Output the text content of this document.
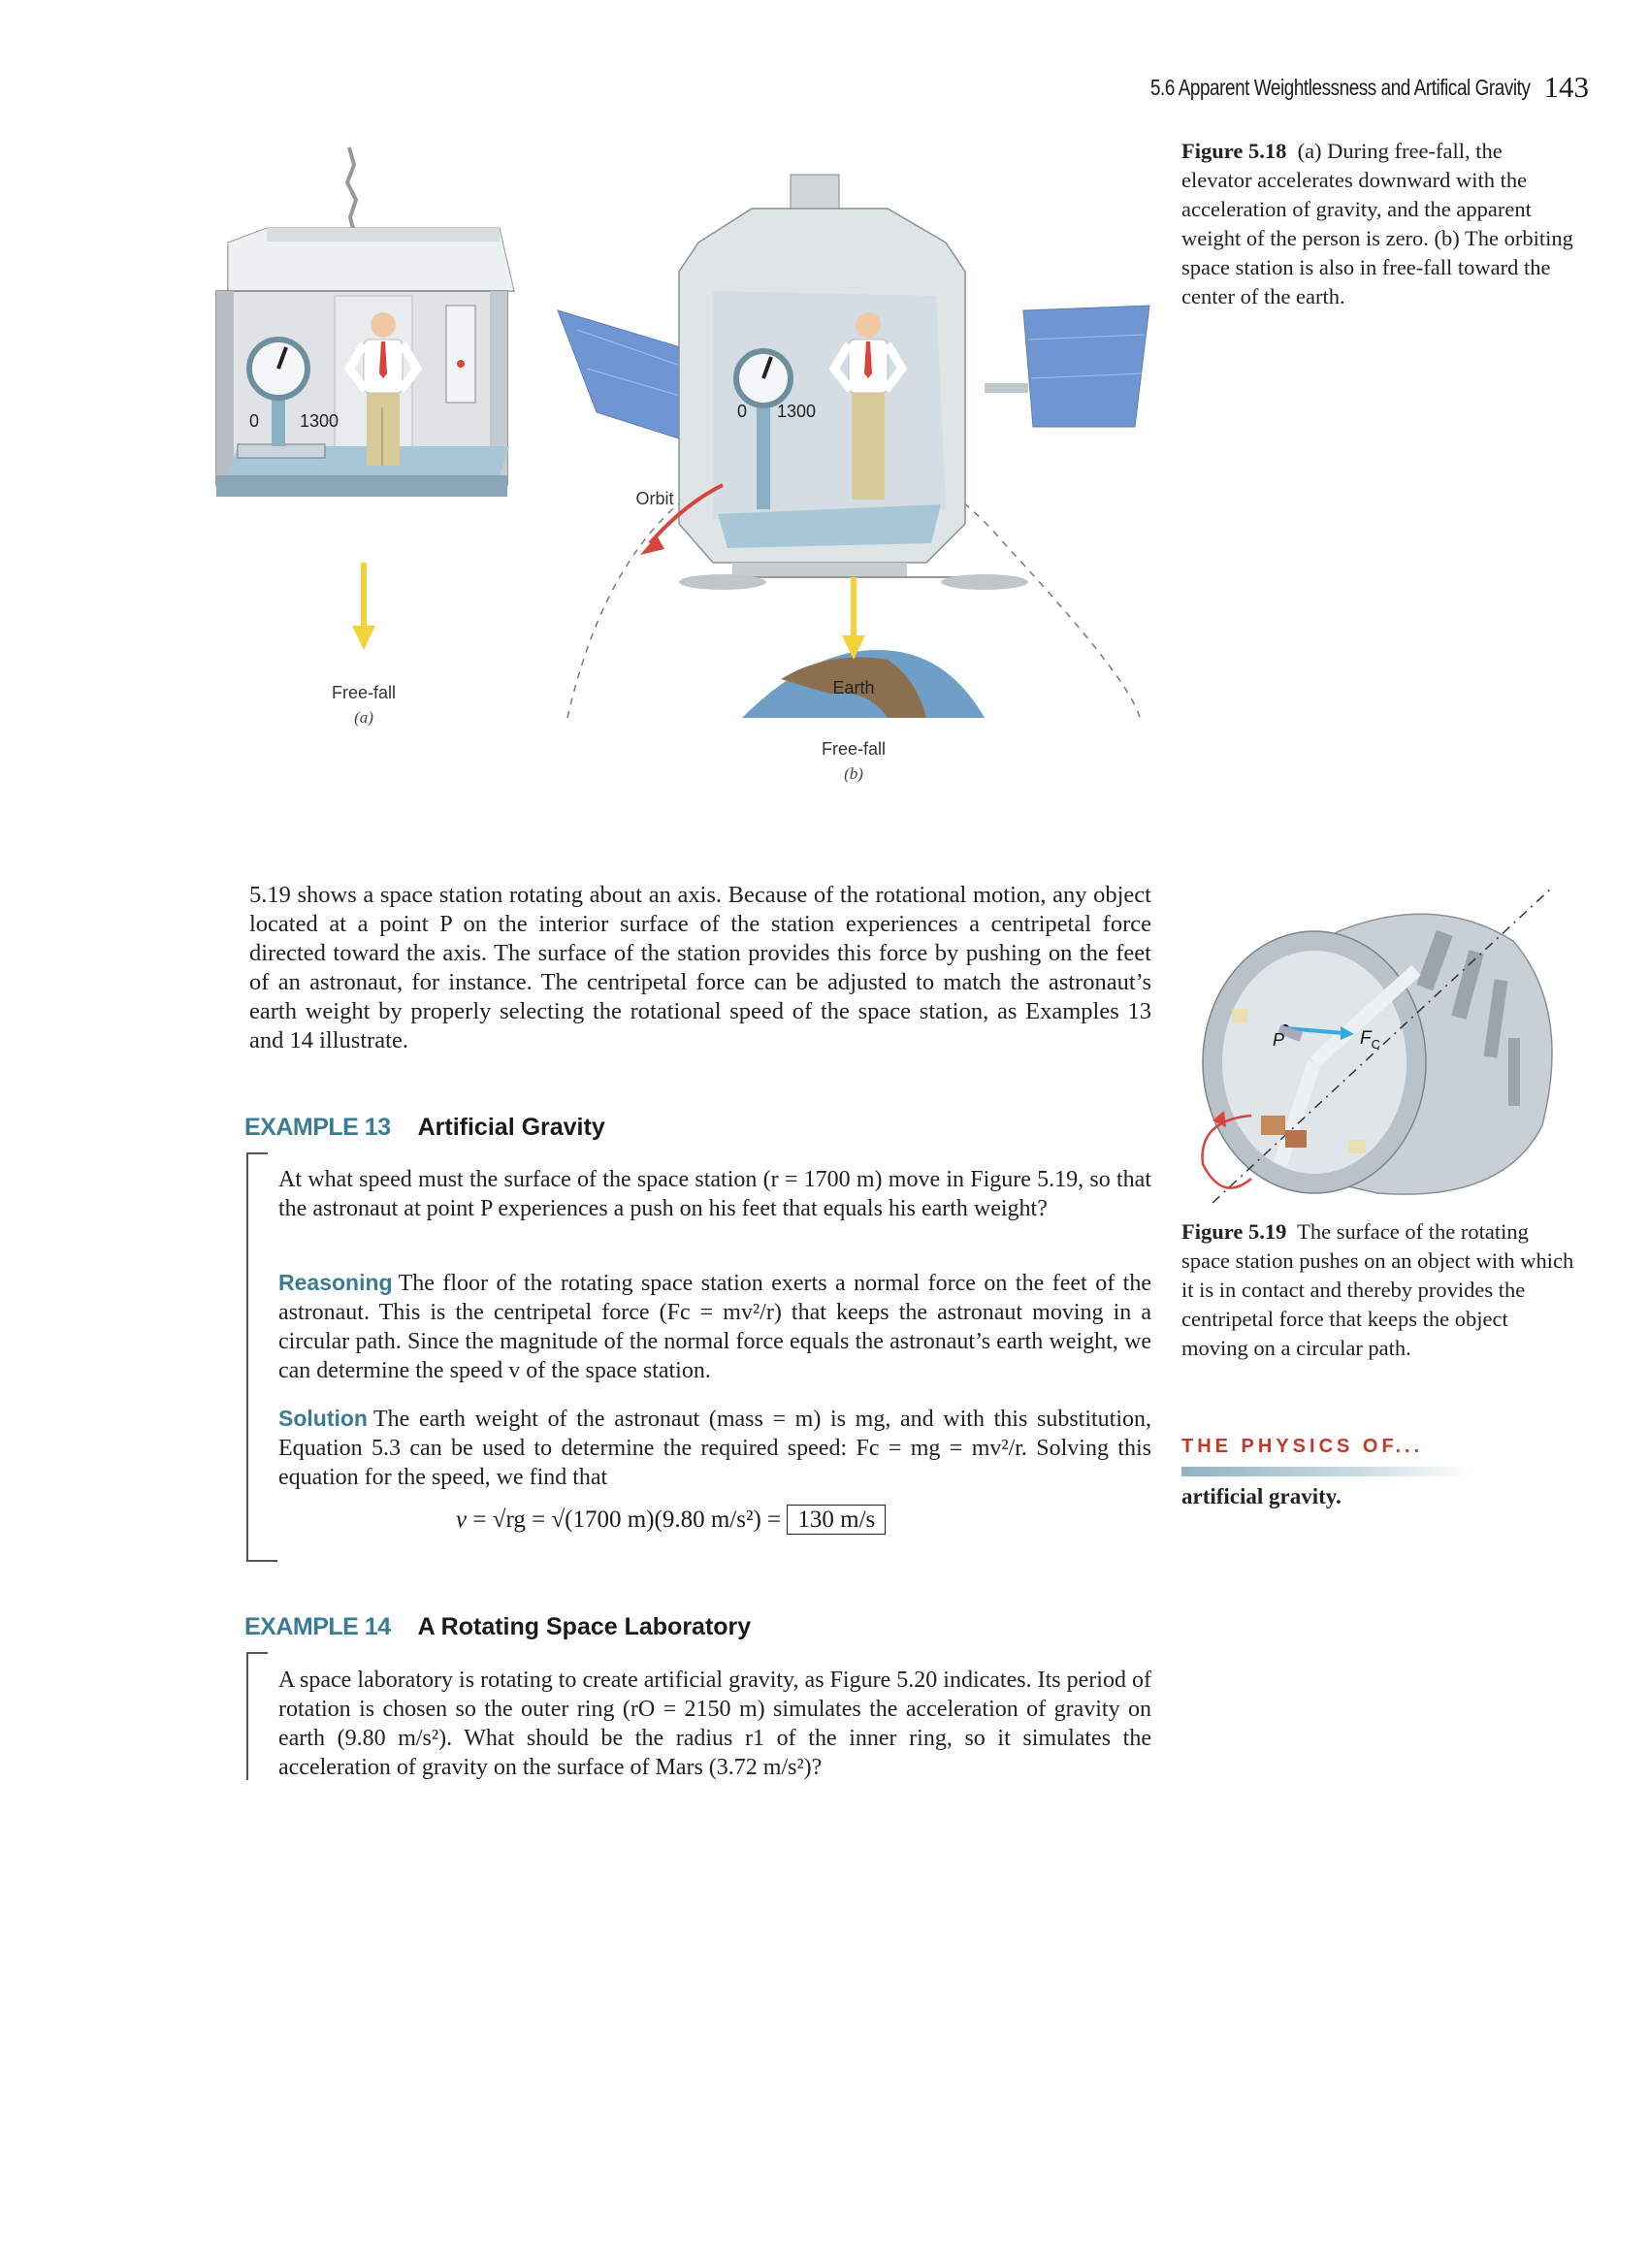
5.6 Apparent Weightlessness and Artifical Gravity 143
0 1300	0 1300
Orbit
Earth
Free-fall
(a)
Free-fall
(b)
Figure 5.18 (a) During free-fall, the elevator accelerates downward with the acceleration of gravity, and the apparent weight of the person is zero. (b) The orbiting space station is also in free-fall toward the center of the earth.
5.19 shows a space station rotating about an axis. Because of the rotational motion, any object located at a point P on the interior surface of the station experiences a centripetal force directed toward the axis. The surface of the station provides this force by pushing on the feet of an astronaut, for instance. The centripetal force can be adjusted to match the astronaut’s earth weight by properly selecting the rotational speed of the space station, as Examples 13 and 14 illustrate.
EXAMPLE 13 Artificial Gravity
At what speed must the surface of the space station (r = 1700 m) move in Figure 5.19, so that the astronaut at point P experiences a push on his feet that equals his earth weight?
Reasoning The floor of the rotating space station exerts a normal force on the feet of the astronaut. This is the centripetal force (Fc = mv²/r) that keeps the astronaut moving in a circular path. Since the magnitude of the normal force equals the astronaut’s earth weight, we can determine the speed v of the space station.
Solution The earth weight of the astronaut (mass = m) is mg, and with this substitution, Equation 5.3 can be used to determine the required speed: Fc = mg = mv²/r. Solving this equation for the speed, we find that
v = √rg = √(1700 m)(9.80 m/s²) = 130 m/s
P	$F_C$
Figure 5.19 The surface of the rotating space station pushes on an object with which it is in contact and thereby provides the centripetal force that keeps the object moving on a circular path.
THE PHYSICS OF...
artificial gravity.
EXAMPLE 14 A Rotating Space Laboratory
A space laboratory is rotating to create artificial gravity, as Figure 5.20 indicates. Its period of rotation is chosen so the outer ring (rO = 2150 m) simulates the acceleration of gravity on earth (9.80 m/s²). What should be the radius r1 of the inner ring, so it simulates the acceleration of gravity on the surface of Mars (3.72 m/s²)?
